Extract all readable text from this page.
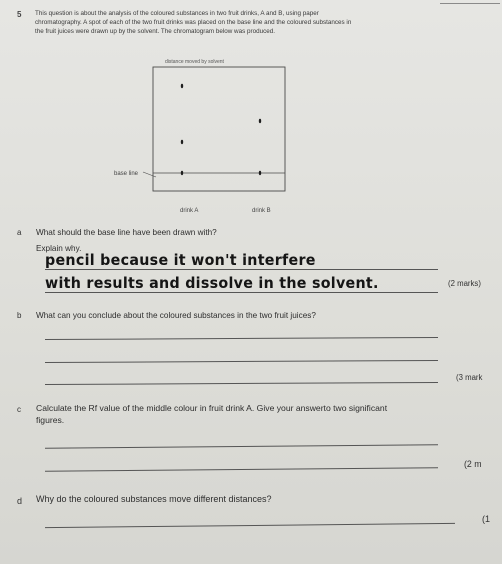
5 This question is about the analysis of the coloured substances in two fruit drinks, A and B, using paper chromatography. A spot of each of the two fruit drinks was placed on the base line and the coloured substances in the fruit juices were drawn up by the solvent. The chromatogram below was produced.
distance moved by solvent
base line
drink A	drink B
a What should the base line have been drawn with?
Explain why.
pencil because it won't interfere
with results and dissolve in the solvent.	(2 marks)
b What can you conclude about the coloured substances in the two fruit juices?
(3 mark
c Calculate the Rf value of the middle colour in fruit drink A. Give your answerto two significant figures.
(2 m
d Why do the coloured substances move different distances?
(1
